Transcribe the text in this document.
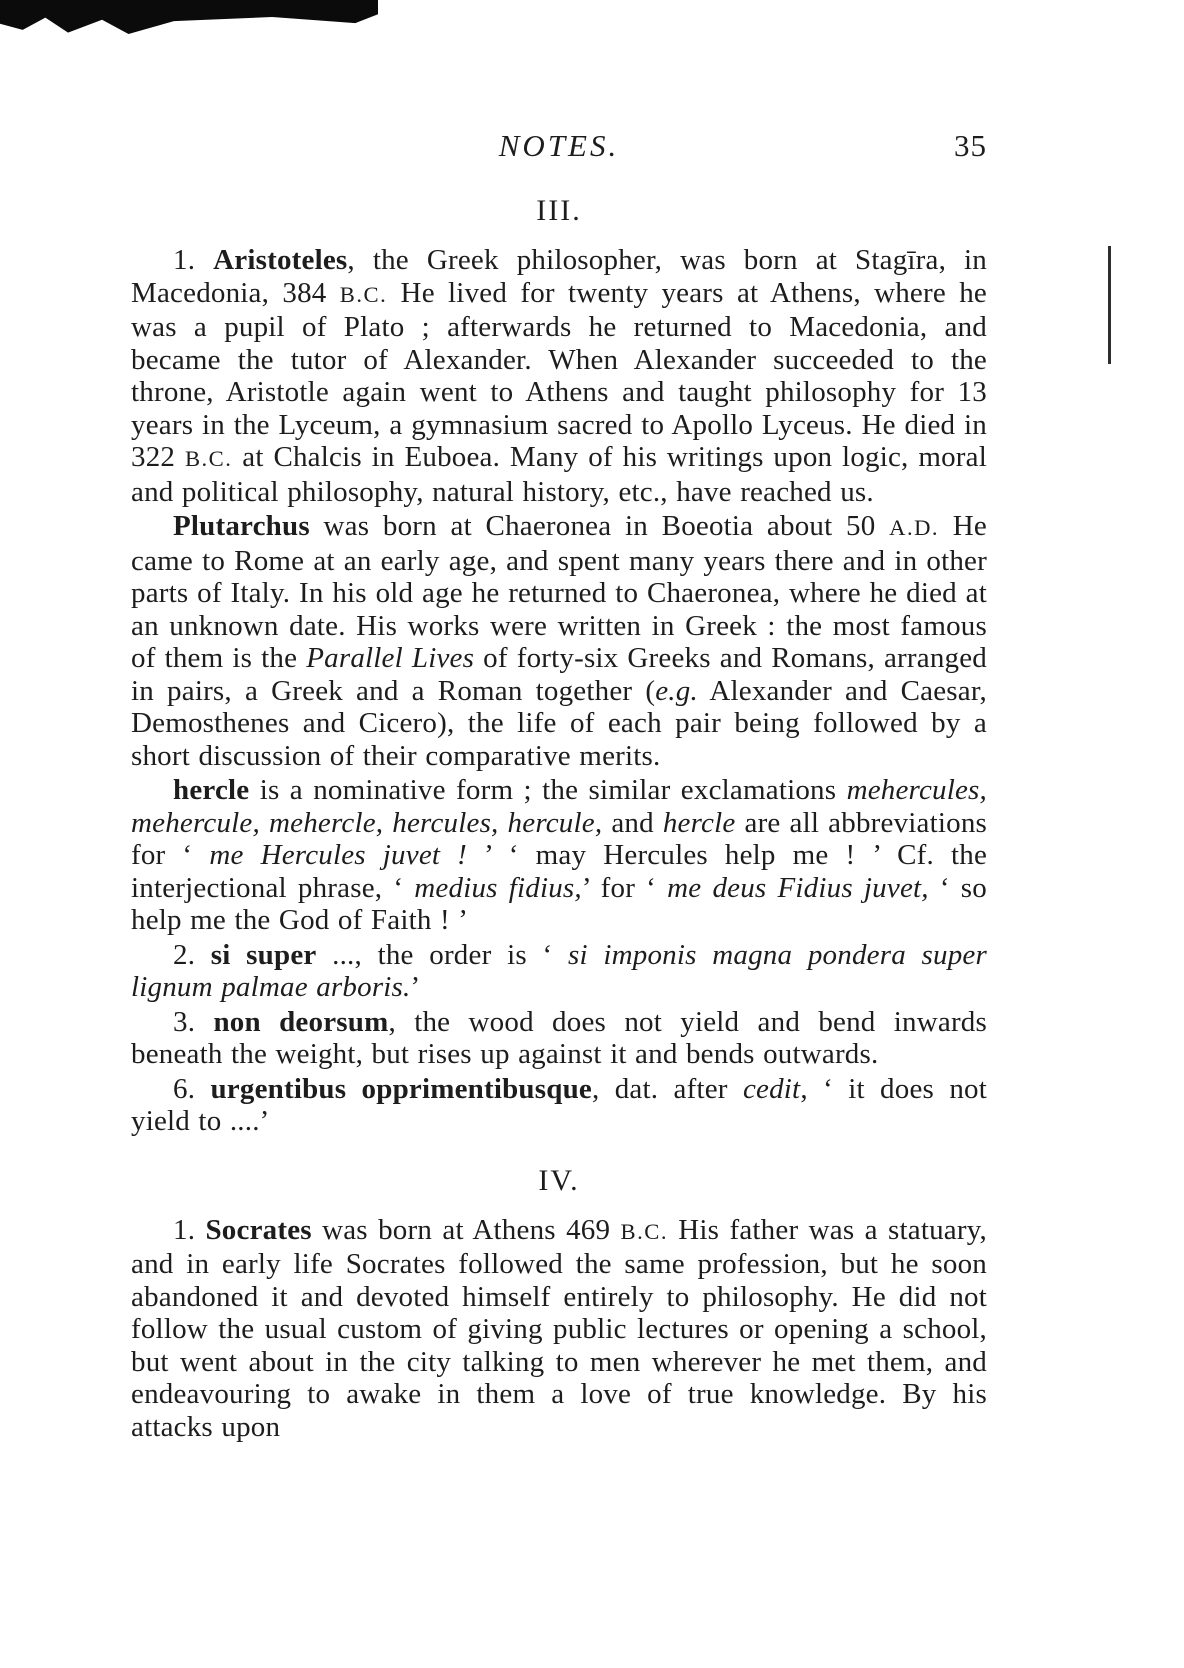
NOTES.	35
III.

1. Aristoteles, the Greek philosopher, was born at Stagīra, in Macedonia, 384 B.C. He lived for twenty years at Athens, where he was a pupil of Plato ; afterwards he returned to Macedonia, and became the tutor of Alexander. When Alexander succeeded to the throne, Aristotle again went to Athens and taught philosophy for 13 years in the Lyceum, a gymnasium sacred to Apollo Lyceus. He died in 322 B.C. at Chalcis in Euboea. Many of his writings upon logic, moral and political philosophy, natural history, etc., have reached us.

Plutarchus was born at Chaeronea in Boeotia about 50 A.D. He came to Rome at an early age, and spent many years there and in other parts of Italy. In his old age he returned to Chaeronea, where he died at an unknown date. His works were written in Greek : the most famous of them is the Parallel Lives of forty-six Greeks and Romans, arranged in pairs, a Greek and a Roman together (e.g. Alexander and Caesar, Demosthenes and Cicero), the life of each pair being followed by a short discussion of their comparative merits.

hercle is a nominative form ; the similar exclamations mehercules, mehercule, mehercle, hercules, hercule, and hercle are all abbreviations for ‘ me Hercules juvet ! ’ ‘ may Hercules help me ! ’ Cf. the interjectional phrase, ‘ medius fidius,’ for ‘ me deus Fidius juvet, ‘ so help me the God of Faith ! ’

2. si super ..., the order is ‘ si imponis magna pondera super lignum palmae arboris.’

3. non deorsum, the wood does not yield and bend inwards beneath the weight, but rises up against it and bends outwards.

6. urgentibus opprimentibusque, dat. after cedit, ‘ it does not yield to ....’

IV.

1. Socrates was born at Athens 469 B.C. His father was a statuary, and in early life Socrates followed the same profession, but he soon abandoned it and devoted himself entirely to philosophy. He did not follow the usual custom of giving public lectures or opening a school, but went about in the city talking to men wherever he met them, and endeavouring to awake in them a love of true knowledge. By his attacks upon
